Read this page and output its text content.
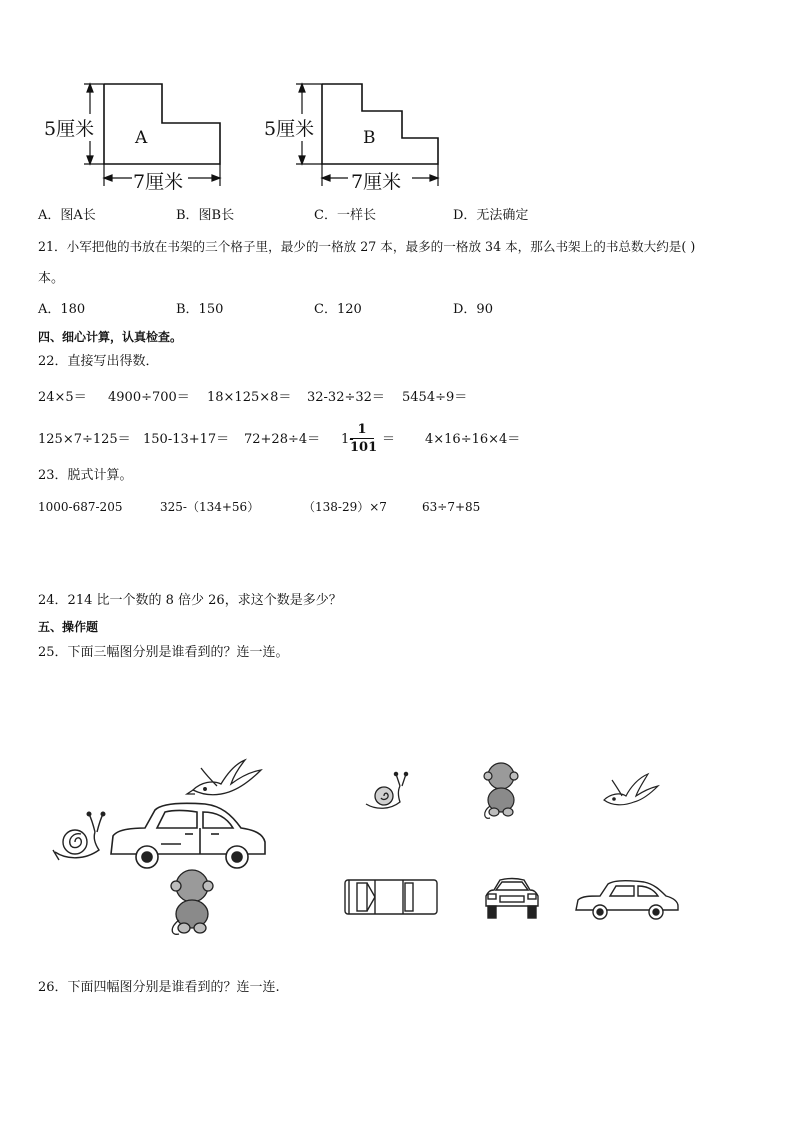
5厘米
7厘米
A	5厘米
7厘米
B
A．图A长	B．图B长	C．一样长	D．无法确定
21．小军把他的书放在书架的三个格子里，最少的一格放 27 本，最多的一格放 34 本，那么书架上的书总数大约是( )
本。
A．180	B．150	C．120	D．90
四、细心计算，认真检查。
22．直接写出得数．
24×5＝ 4900÷700＝ 18×125×8＝ 32-32÷32＝ 5454÷9＝
125×7÷125＝ 150-13+17＝ 72+28÷4＝ 1-
1
101
＝ 4×16÷16×4＝
23．脱式计算。
1000-687-205	325-（134+56）	（138-29）×7	63÷7+85
24．214 比一个数的 8 倍少 26，求这个数是多少？
五、操作题
25．下面三幅图分别是谁看到的？连一连。
26．下面四幅图分别是谁看到的？连一连.
